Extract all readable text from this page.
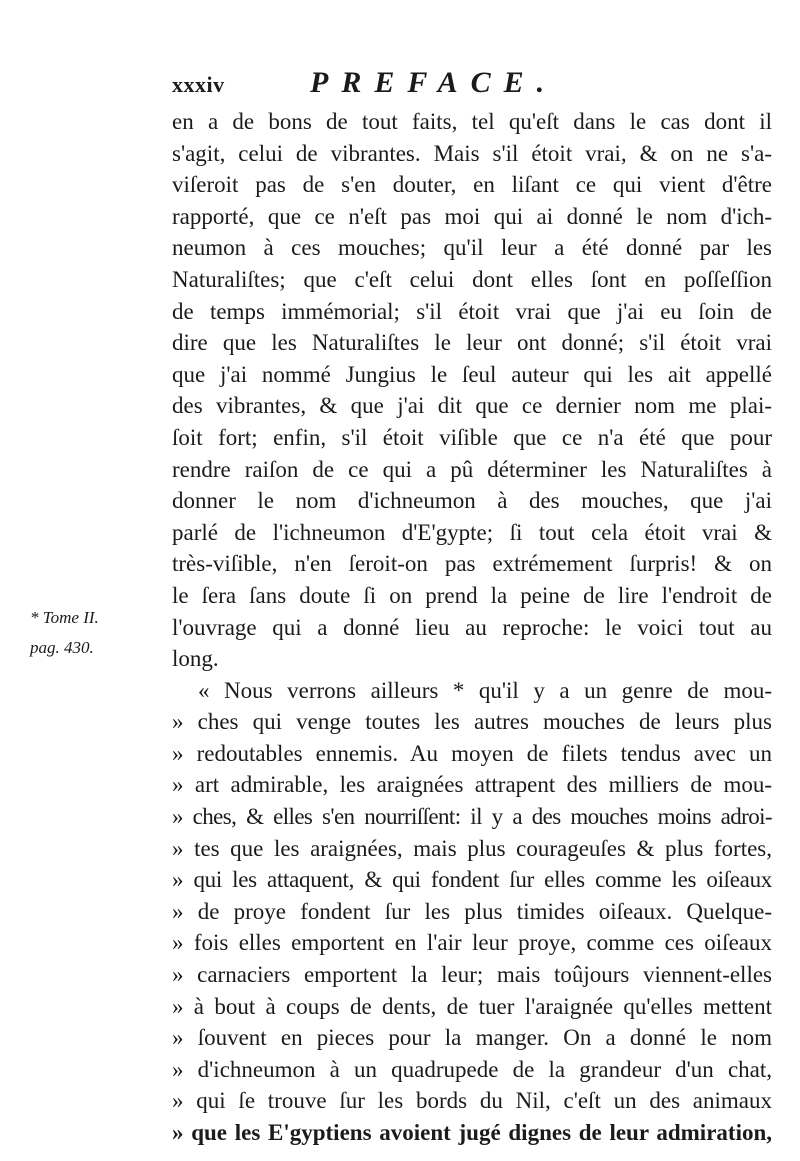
xxxiv	PREFACE.
* Tome II.
pag. 430.
en a de bons de tout faits, tel qu'eſt dans le cas dont il
s'agit, celui de vibrantes. Mais s'il étoit vrai, & on ne s'a-
viſeroit pas de s'en douter, en liſant ce qui vient d'être
rapporté, que ce n'eſt pas moi qui ai donné le nom d'ich-
neumon à ces mouches; qu'il leur a été donné par les
Naturaliſtes; que c'eſt celui dont elles ſont en poſſeſſion
de temps immémorial; s'il étoit vrai que j'ai eu ſoin de
dire que les Naturaliſtes le leur ont donné; s'il étoit vrai
que j'ai nommé Jungius le ſeul auteur qui les ait appellé
des vibrantes, & que j'ai dit que ce dernier nom me plai-
ſoit fort; enfin, s'il étoit viſible que ce n'a été que pour
rendre raiſon de ce qui a pû déterminer les Naturaliſtes à
donner le nom d'ichneumon à des mouches, que j'ai
parlé de l'ichneumon d'E'gypte; ſi tout cela étoit vrai &
très-viſible, n'en ſeroit-on pas extrémement ſurpris! & on
le ſera ſans doute ſi on prend la peine de lire l'endroit de
l'ouvrage qui a donné lieu au reproche: le voici tout au
long.
« Nous verrons ailleurs * qu'il y a un genre de mou-
» ches qui venge toutes les autres mouches de leurs plus
» redoutables ennemis. Au moyen de filets tendus avec un
» art admirable, les araignées attrapent des milliers de mou-
» ches, & elles s'en nourriſſent: il y a des mouches moins adroi-
» tes que les araignées, mais plus courageuſes & plus fortes,
» qui les attaquent, & qui fondent ſur elles comme les oiſeaux
» de proye fondent ſur les plus timides oiſeaux. Quelque-
» fois elles emportent en l'air leur proye, comme ces oiſeaux
» carnaciers emportent la leur; mais toûjours viennent-elles
» à bout à coups de dents, de tuer l'araignée qu'elles mettent
» ſouvent en pieces pour la manger. On a donné le nom
» d'ichneumon à un quadrupede de la grandeur d'un chat,
» qui ſe trouve ſur les bords du Nil, c'eſt un des animaux
» que les E'gyptiens avoient jugé dignes de leur admiration,
